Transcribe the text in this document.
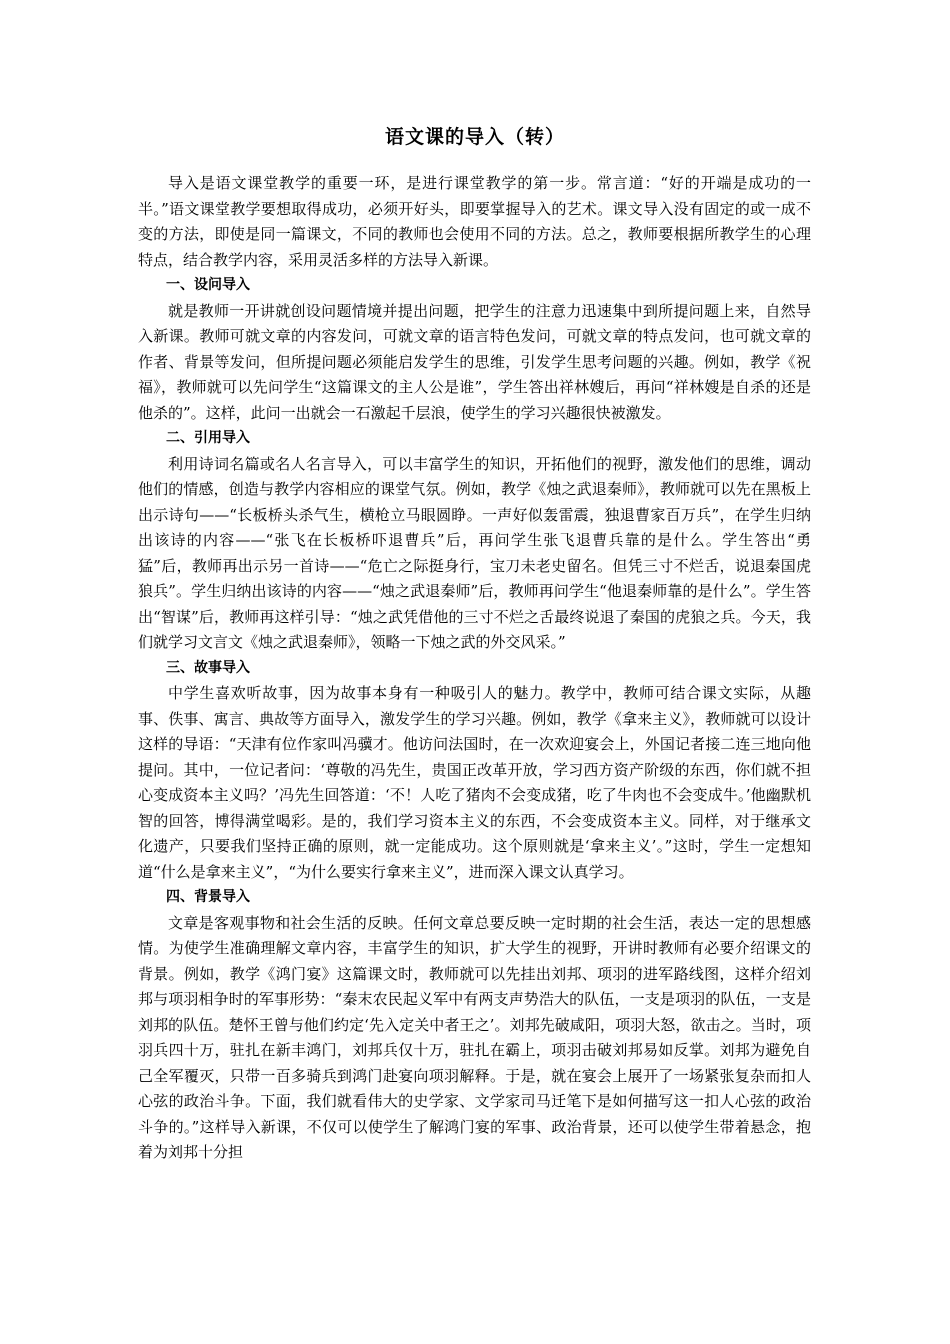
语文课的导入（转）

导入是语文课堂教学的重要一环，是进行课堂教学的第一步。常言道：“好的开端是成功的一半。”语文课堂教学要想取得成功，必须开好头，即要掌握导入的艺术。课文导入没有固定的或一成不变的方法，即使是同一篇课文，不同的教师也会使用不同的方法。总之，教师要根据所教学生的心理特点，结合教学内容，采用灵活多样的方法导入新课。

一、设问导入

就是教师一开讲就创设问题情境并提出问题，把学生的注意力迅速集中到所提问题上来，自然导入新课。教师可就文章的内容发问，可就文章的语言特色发问，可就文章的特点发问，也可就文章的作者、背景等发问，但所提问题必须能启发学生的思维，引发学生思考问题的兴趣。例如，教学《祝福》，教师就可以先问学生“这篇课文的主人公是谁”，学生答出祥林嫂后，再问“祥林嫂是自杀的还是他杀的”。这样，此问一出就会一石激起千层浪，使学生的学习兴趣很快被激发。

二、引用导入

利用诗词名篇或名人名言导入，可以丰富学生的知识，开拓他们的视野，激发他们的思维，调动他们的情感，创造与教学内容相应的课堂气氛。例如，教学《烛之武退秦师》，教师就可以先在黑板上出示诗句——“长板桥头杀气生，横枪立马眼圆睁。一声好似轰雷震，独退曹家百万兵”，在学生归纳出该诗的内容——“张飞在长板桥吓退曹兵”后，再问学生张飞退曹兵靠的是什么。学生答出“勇猛”后，教师再出示另一首诗——“危亡之际挺身行，宝刀未老史留名。但凭三寸不烂舌，说退秦国虎狼兵”。学生归纳出该诗的内容——“烛之武退秦师”后，教师再问学生“他退秦师靠的是什么”。学生答出“智谋”后，教师再这样引导：“烛之武凭借他的三寸不烂之舌最终说退了秦国的虎狼之兵。今天，我们就学习文言文《烛之武退秦师》，领略一下烛之武的外交风采。”

三、故事导入

中学生喜欢听故事，因为故事本身有一种吸引人的魅力。教学中，教师可结合课文实际，从趣事、佚事、寓言、典故等方面导入，激发学生的学习兴趣。例如，教学《拿来主义》，教师就可以设计这样的导语：“天津有位作家叫冯骥才。他访问法国时，在一次欢迎宴会上，外国记者接二连三地向他提问。其中，一位记者问：‘尊敬的冯先生，贵国正改革开放，学习西方资产阶级的东西，你们就不担心变成资本主义吗？’冯先生回答道：‘不！人吃了猪肉不会变成猪，吃了牛肉也不会变成牛。’他幽默机智的回答，博得满堂喝彩。是的，我们学习资本主义的东西，不会变成资本主义。同样，对于继承文化遗产，只要我们坚持正确的原则，就一定能成功。这个原则就是‘拿来主义’。”这时，学生一定想知道“什么是拿来主义”，“为什么要实行拿来主义”，进而深入课文认真学习。

四、背景导入

文章是客观事物和社会生活的反映。任何文章总要反映一定时期的社会生活，表达一定的思想感情。为使学生准确理解文章内容，丰富学生的知识，扩大学生的视野，开讲时教师有必要介绍课文的背景。例如，教学《鸿门宴》这篇课文时，教师就可以先挂出刘邦、项羽的进军路线图，这样介绍刘邦与项羽相争时的军事形势：“秦末农民起义军中有两支声势浩大的队伍，一支是项羽的队伍，一支是刘邦的队伍。楚怀王曾与他们约定‘先入定关中者王之’。刘邦先破咸阳，项羽大怒，欲击之。当时，项羽兵四十万，驻扎在新丰鸿门，刘邦兵仅十万，驻扎在霸上，项羽击破刘邦易如反掌。刘邦为避免自己全军覆灭，只带一百多骑兵到鸿门赴宴向项羽解释。于是，就在宴会上展开了一场紧张复杂而扣人心弦的政治斗争。下面，我们就看伟大的史学家、文学家司马迁笔下是如何描写这一扣人心弦的政治斗争的。”这样导入新课，不仅可以使学生了解鸿门宴的军事、政治背景，还可以使学生带着悬念，抱着为刘邦十分担
